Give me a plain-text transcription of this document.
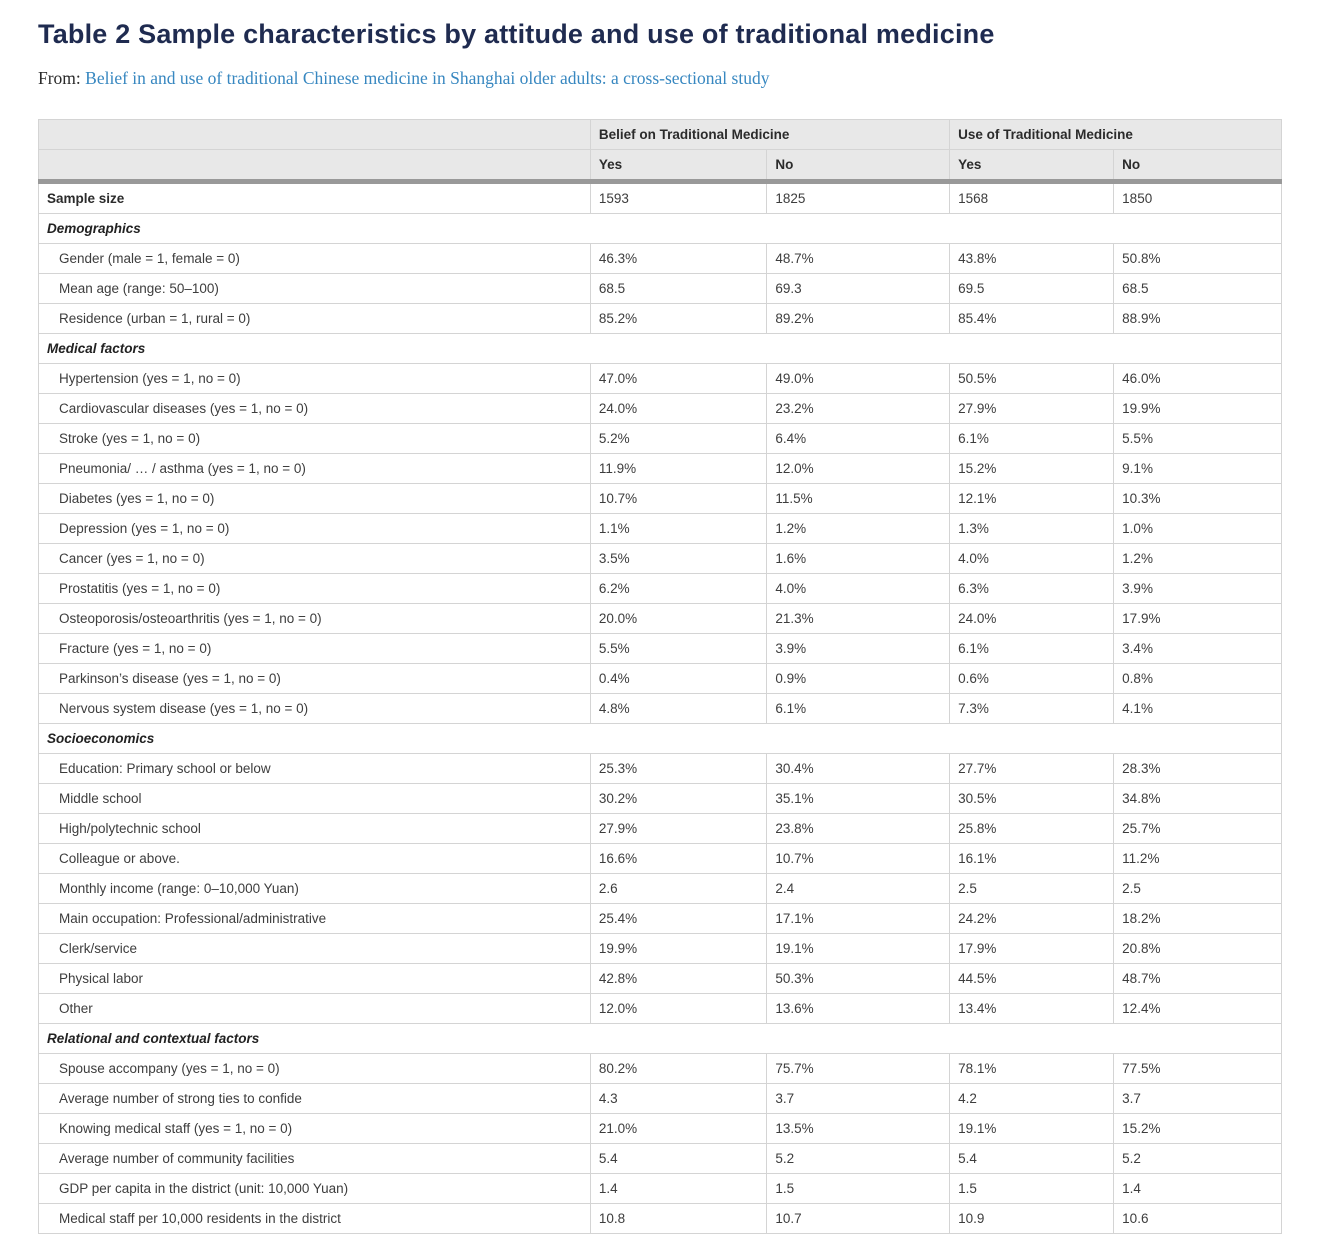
Table 2 Sample characteristics by attitude and use of traditional medicine

From: Belief in and use of traditional Chinese medicine in Shanghai older adults: a cross-sectional study

	Belief on Traditional Medicine		Use of Traditional Medicine	
	Yes	No	Yes	No
Sample size	1593	1825	1568	1850
Demographics				
Gender (male = 1, female = 0)	46.3%	48.7%	43.8%	50.8%
Mean age (range: 50–100)	68.5	69.3	69.5	68.5
Residence (urban = 1, rural = 0)	85.2%	89.2%	85.4%	88.9%
Medical factors				
Hypertension (yes = 1, no = 0)	47.0%	49.0%	50.5%	46.0%
Cardiovascular diseases (yes = 1, no = 0)	24.0%	23.2%	27.9%	19.9%
Stroke (yes = 1, no = 0)	5.2%	6.4%	6.1%	5.5%
Pneumonia/ … / asthma (yes = 1, no = 0)	11.9%	12.0%	15.2%	9.1%
Diabetes (yes = 1, no = 0)	10.7%	11.5%	12.1%	10.3%
Depression (yes = 1, no = 0)	1.1%	1.2%	1.3%	1.0%
Cancer (yes = 1, no = 0)	3.5%	1.6%	4.0%	1.2%
Prostatitis (yes = 1, no = 0)	6.2%	4.0%	6.3%	3.9%
Osteoporosis/osteoarthritis (yes = 1, no = 0)	20.0%	21.3%	24.0%	17.9%
Fracture (yes = 1, no = 0)	5.5%	3.9%	6.1%	3.4%
Parkinson’s disease (yes = 1, no = 0)	0.4%	0.9%	0.6%	0.8%
Nervous system disease (yes = 1, no = 0)	4.8%	6.1%	7.3%	4.1%
Socioeconomics				
Education: Primary school or below	25.3%	30.4%	27.7%	28.3%
Middle school	30.2%	35.1%	30.5%	34.8%
High/polytechnic school	27.9%	23.8%	25.8%	25.7%
Colleague or above.	16.6%	10.7%	16.1%	11.2%
Monthly income (range: 0–10,000 Yuan)	2.6	2.4	2.5	2.5
Main occupation: Professional/administrative	25.4%	17.1%	24.2%	18.2%
Clerk/service	19.9%	19.1%	17.9%	20.8%
Physical labor	42.8%	50.3%	44.5%	48.7%
Other	12.0%	13.6%	13.4%	12.4%
Relational and contextual factors				
Spouse accompany (yes = 1, no = 0)	80.2%	75.7%	78.1%	77.5%
Average number of strong ties to confide	4.3	3.7	4.2	3.7
Knowing medical staff (yes = 1, no = 0)	21.0%	13.5%	19.1%	15.2%
Average number of community facilities	5.4	5.2	5.4	5.2
GDP per capita in the district (unit: 10,000 Yuan)	1.4	1.5	1.5	1.4
Medical staff per 10,000 residents in the district	10.8	10.7	10.9	10.6
